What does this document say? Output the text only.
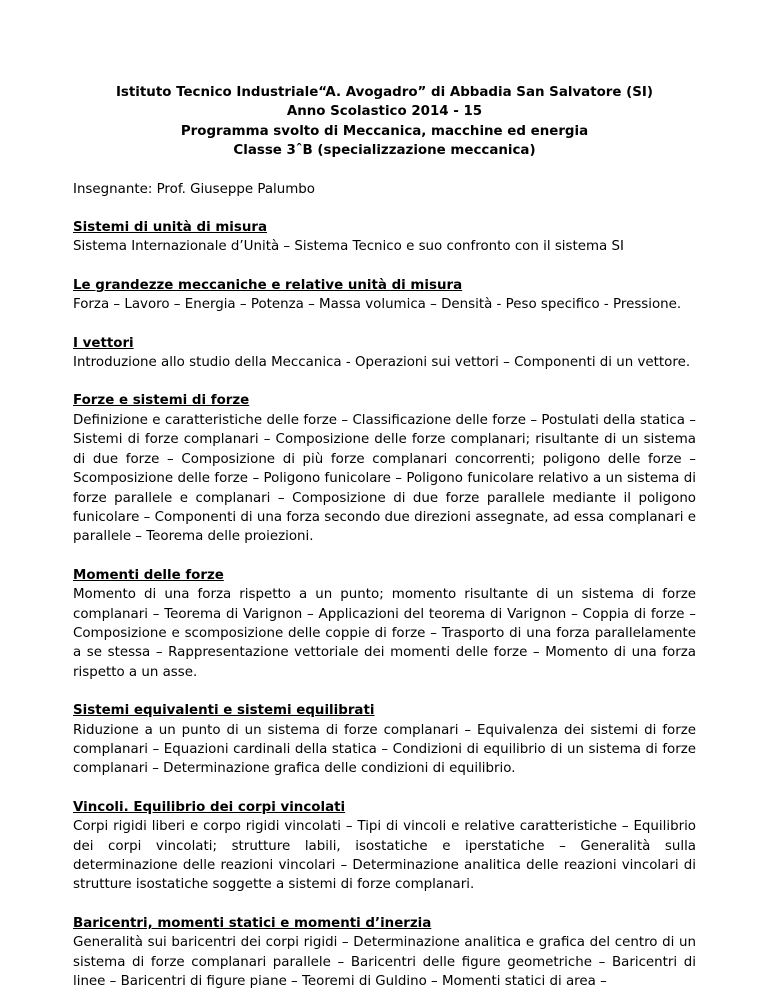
Istituto Tecnico Industriale“A. Avogadro” di Abbadia San Salvatore (SI)

Anno Scolastico 2014 - 15

Programma svolto di Meccanica, macchine ed energia

Classe 3ˆB (specializzazione meccanica)

Insegnante: Prof. Giuseppe Palumbo

Sistemi di unità di misura

Sistema Internazionale d’Unità – Sistema Tecnico e suo confronto con il sistema SI

Le grandezze meccaniche e relative unità di misura

Forza – Lavoro – Energia – Potenza – Massa volumica – Densità - Peso specifico - Pressione.

I vettori

Introduzione allo studio della Meccanica - Operazioni sui vettori – Componenti di un vettore.

Forze e sistemi di forze

Definizione e caratteristiche delle forze – Classificazione delle forze – Postulati della statica – Sistemi di forze complanari – Composizione delle forze complanari; risultante di un sistema di due forze – Composizione di più forze complanari concorrenti; poligono delle forze – Scomposizione delle forze – Poligono funicolare – Poligono funicolare relativo a un sistema di forze parallele e complanari – Composizione di due forze parallele mediante il poligono funicolare – Componenti di una forza secondo due direzioni assegnate, ad essa complanari e parallele – Teorema delle proiezioni.

Momenti delle forze

Momento di una forza rispetto a un punto; momento risultante di un sistema di forze complanari – Teorema di Varignon – Applicazioni del teorema di Varignon – Coppia di forze – Composizione e scomposizione delle coppie di forze – Trasporto di una forza parallelamente a se stessa – Rappresentazione vettoriale dei momenti delle forze – Momento di una forza rispetto a un asse.

Sistemi equivalenti e sistemi equilibrati

Riduzione a un punto di un sistema di forze complanari – Equivalenza dei sistemi di forze complanari – Equazioni cardinali della statica – Condizioni di equilibrio di un sistema di forze complanari – Determinazione grafica delle condizioni di equilibrio.

Vincoli. Equilibrio dei corpi vincolati

Corpi rigidi liberi e corpo rigidi vincolati – Tipi di vincoli e relative caratteristiche – Equilibrio dei corpi vincolati; strutture labili, isostatiche e iperstatiche – Generalità sulla determinazione delle reazioni vincolari – Determinazione analitica delle reazioni vincolari di strutture isostatiche soggette a sistemi di forze complanari.

Baricentri, momenti statici e momenti d’inerzia

Generalità sui baricentri dei corpi rigidi – Determinazione analitica e grafica del centro di un sistema di forze complanari parallele – Baricentri delle figure geometriche – Baricentri di linee – Baricentri di figure piane – Teoremi di Guldino – Momenti statici di area –
